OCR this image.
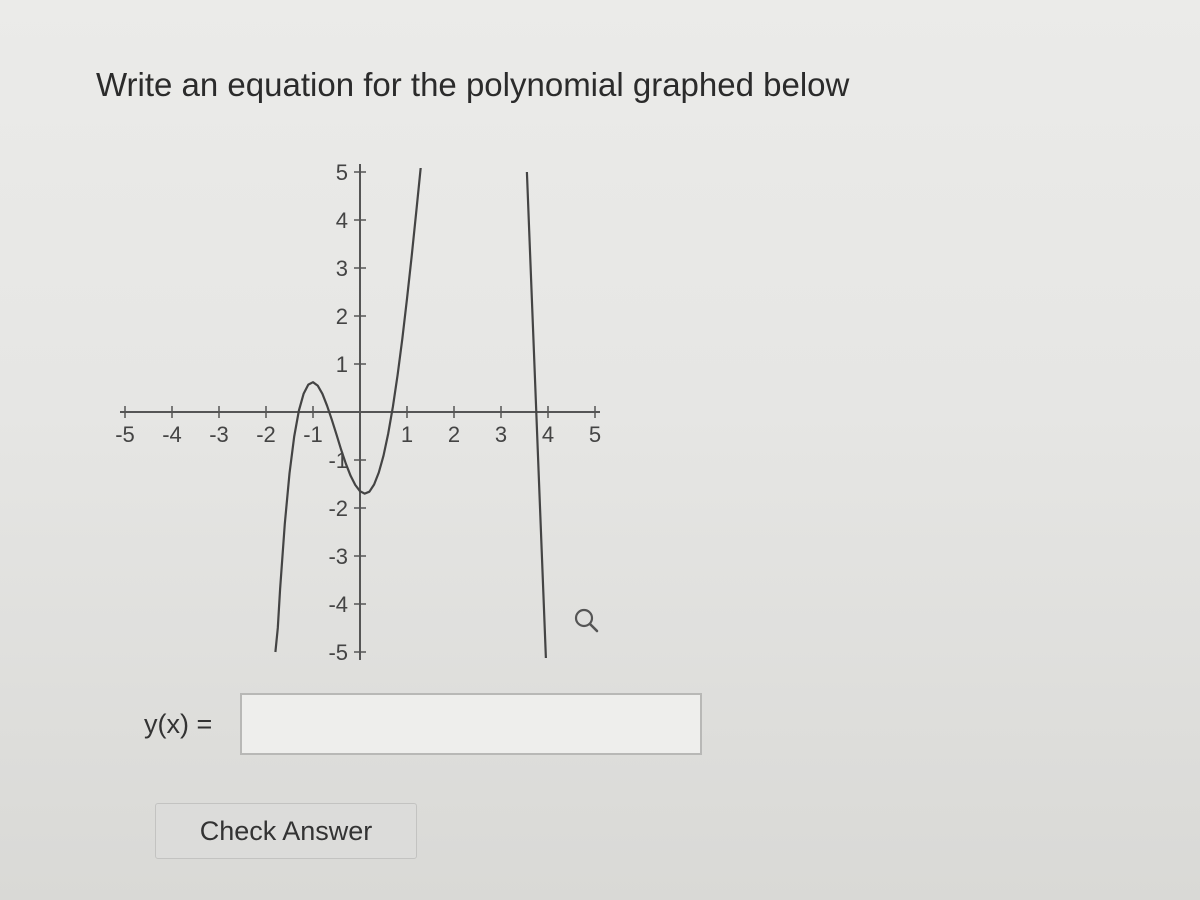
Write an equation for the polynomial graphed below
-5 -4 -3 -2 -1	1 2 3 4 5
5
4
3
2
1
-1
-2
-3
-4
-5
y(x) =
Check Answer
